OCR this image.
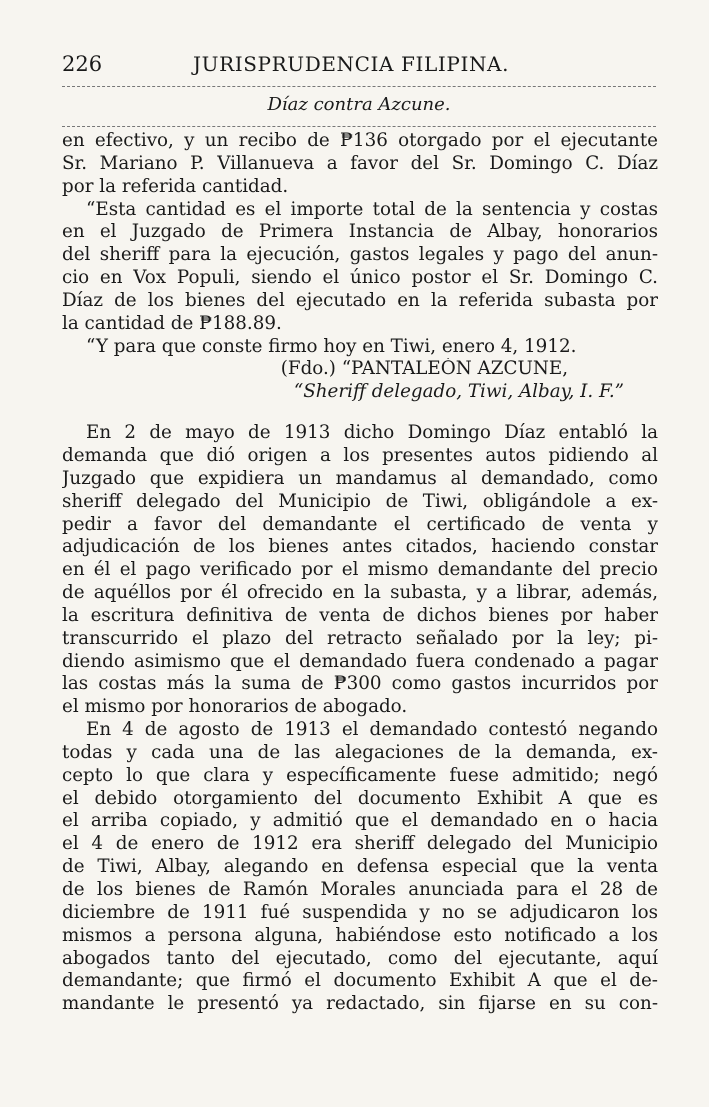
226	JURISPRUDENCIA FILIPINA.
Díaz contra Azcune.
en efectivo, y un recibo de ₱136 otorgado por el ejecutante
Sr. Mariano P. Villanueva a favor del Sr. Domingo C. Díaz
por la referida cantidad.
“Esta cantidad es el importe total de la sentencia y costas
en el Juzgado de Primera Instancia de Albay, honorarios
del sheriff para la ejecución, gastos legales y pago del anun-
cio en Vox Populi, siendo el único postor el Sr. Domingo C.
Díaz de los bienes del ejecutado en la referida subasta por
la cantidad de ₱188.89.
“Y para que conste firmo hoy en Tiwi, enero 4, 1912.
(Fdo.) “PANTALEÓN AZCUNE,
“Sheriff delegado, Tiwi, Albay, I. F.”
En 2 de mayo de 1913 dicho Domingo Díaz entabló la
demanda que dió origen a los presentes autos pidiendo al
Juzgado que expidiera un mandamus al demandado, como
sheriff delegado del Municipio de Tiwi, obligándole a ex-
pedir a favor del demandante el certificado de venta y
adjudicación de los bienes antes citados, haciendo constar
en él el pago verificado por el mismo demandante del precio
de aquéllos por él ofrecido en la subasta, y a librar, además,
la escritura definitiva de venta de dichos bienes por haber
transcurrido el plazo del retracto señalado por la ley; pi-
diendo asimismo que el demandado fuera condenado a pagar
las costas más la suma de ₱300 como gastos incurridos por
el mismo por honorarios de abogado.
En 4 de agosto de 1913 el demandado contestó negando
todas y cada una de las alegaciones de la demanda, ex-
cepto lo que clara y específicamente fuese admitido; negó
el debido otorgamiento del documento Exhibit A que es
el arriba copiado, y admitió que el demandado en o hacia
el 4 de enero de 1912 era sheriff delegado del Municipio
de Tiwi, Albay, alegando en defensa especial que la venta
de los bienes de Ramón Morales anunciada para el 28 de
diciembre de 1911 fué suspendida y no se adjudicaron los
mismos a persona alguna, habiéndose esto notificado a los
abogados tanto del ejecutado, como del ejecutante, aquí
demandante; que firmó el documento Exhibit A que el de-
mandante le presentó ya redactado, sin fijarse en su con-
